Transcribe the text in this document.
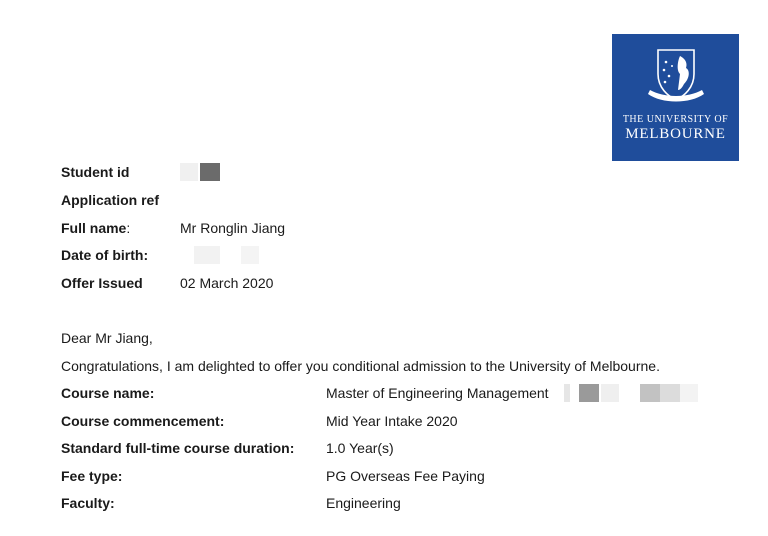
THE UNIVERSITY OF
MELBOURNE
Student id
Application ref
Full name:	Mr Ronglin Jiang
Date of birth:
Offer Issued	02 March 2020
Dear Mr Jiang,
Congratulations, I am delighted to offer you conditional admission to the University of Melbourne.
Course name:	Master of Engineering Management
Course commencement:	Mid Year Intake 2020
Standard full-time course duration: 1.0 Year(s)
Fee type:	PG Overseas Fee Paying
Faculty:	Engineering
